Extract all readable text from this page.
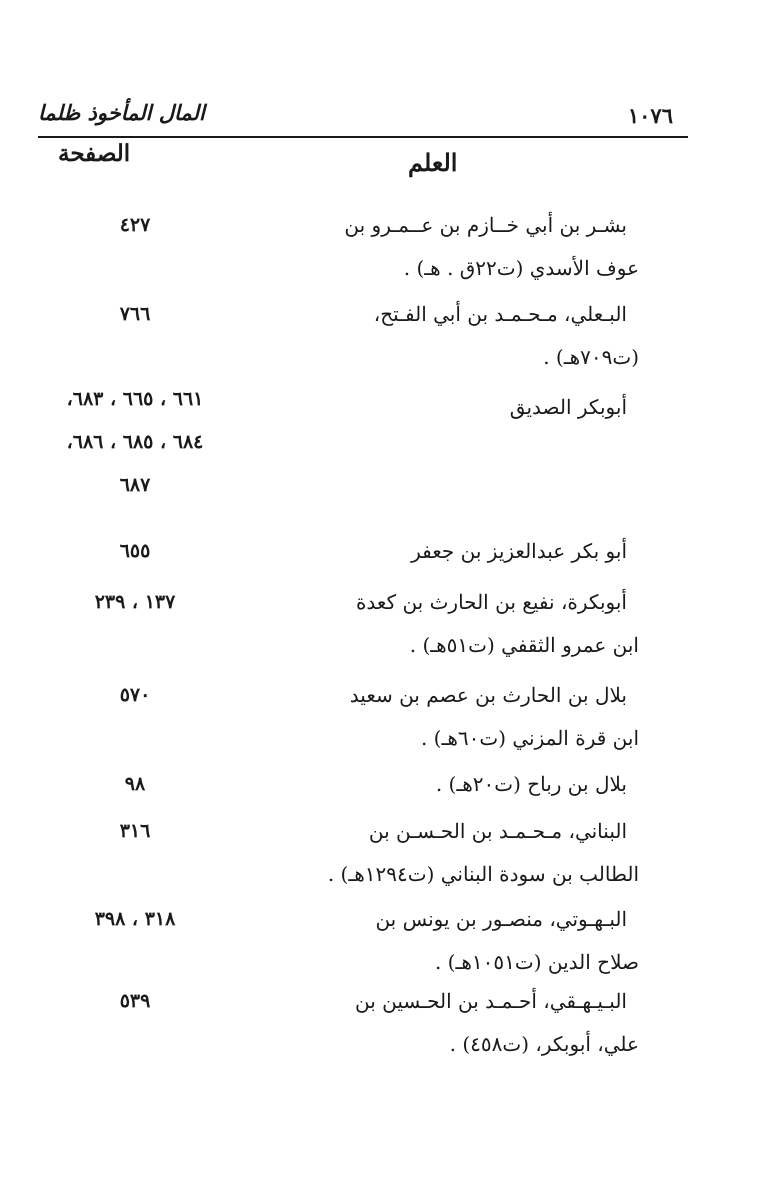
المال المأخوذ ظلما	١٠٧٦
الصفحة	العلم
بشـر بن أبي خــازم بن عــمـرو بن
عوف الأسدي (ت٢٢ق . هـ) .
٤٢٧
البـعلي، مـحـمـد بن أبي الفـتح،
(ت٧٠٩هـ) .
٧٦٦
أبوبكر الصديق
٦٦١ ، ٦٦٥ ، ٦٨٣،
٦٨٤ ، ٦٨٥ ، ٦٨٦،
٦٨٧
أبو بكر عبدالعزيز بن جعفر
٦٥٥
أبوبكرة، نفيع بن الحارث بن كعدة
ابن عمرو الثقفي (ت٥١هـ) .
١٣٧ ، ٢٣٩
بلال بن الحارث بن عصم بن سعيد
ابن قرة المزني (ت٦٠هـ) .
٥٧٠
بلال بن رباح (ت٢٠هـ) .
٩٨
البناني، مـحـمـد بن الحـسـن بن
الطالب بن سودة البناني (ت١٢٩٤هـ) .
٣١٦
البـهـوتي، منصـور بن يونس بن
صلاح الدين (ت١٠٥١هـ) .
٣١٨ ، ٣٩٨
البـيـهـقي، أحـمـد بن الحـسين بن
علي، أبوبكر، (ت٤٥٨) .
٥٣٩
